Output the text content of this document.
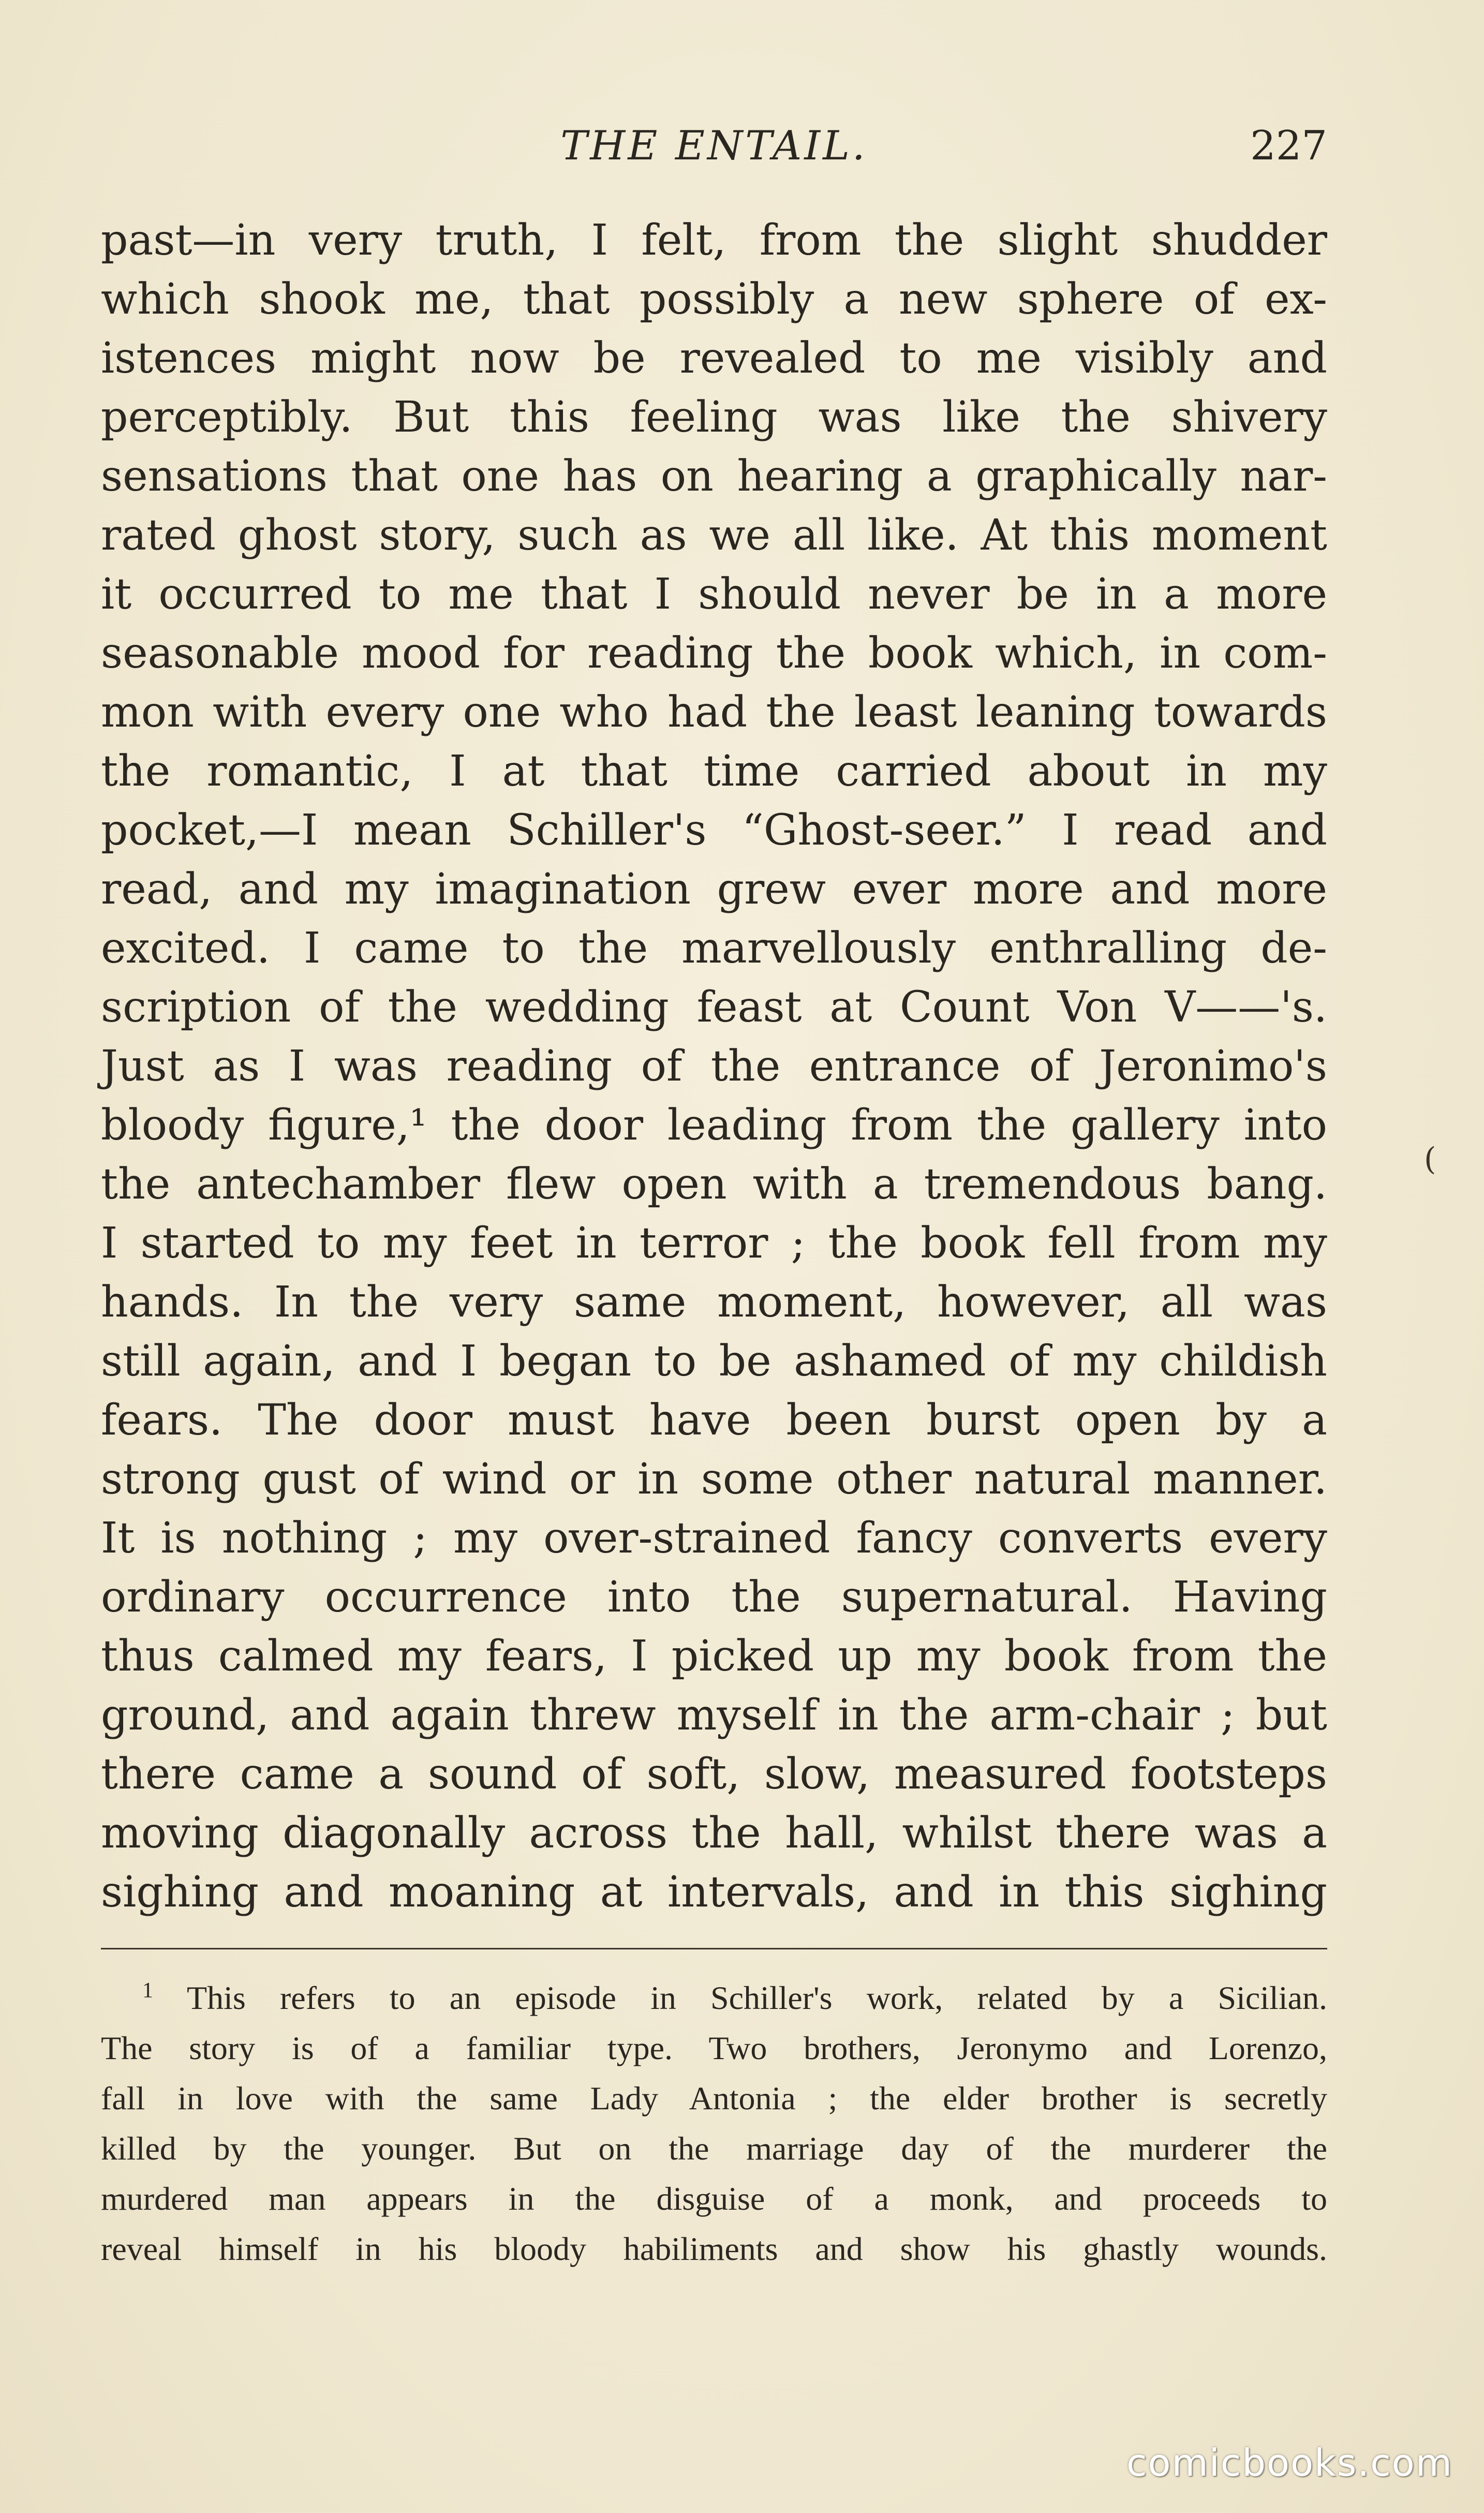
THE ENTAIL.	227
past—in very truth, I felt, from the slight shudder
which shook me, that possibly a new sphere of ex-
istences might now be revealed to me visibly and
perceptibly. But this feeling was like the shivery
sensations that one has on hearing a graphically nar-
rated ghost story, such as we all like. At this moment
it occurred to me that I should never be in a more
seasonable mood for reading the book which, in com-
mon with every one who had the least leaning towards
the romantic, I at that time carried about in my
pocket,—I mean Schiller's “Ghost-seer.” I read and
read, and my imagination grew ever more and more
excited. I came to the marvellously enthralling de-
scription of the wedding feast at Count Von V——'s.
Just as I was reading of the entrance of Jeronimo's
bloody figure,¹ the door leading from the gallery into
the antechamber flew open with a tremendous bang.
I started to my feet in terror ; the book fell from my
hands. In the very same moment, however, all was
still again, and I began to be ashamed of my childish
fears. The door must have been burst open by a
strong gust of wind or in some other natural manner.
It is nothing ; my over-strained fancy converts every
ordinary occurrence into the supernatural. Having
thus calmed my fears, I picked up my book from the
ground, and again threw myself in the arm-chair ; but
there came a sound of soft, slow, measured footsteps
moving diagonally across the hall, whilst there was a
sighing and moaning at intervals, and in this sighing
$^1$ This refers to an episode in Schiller's work, related by a Sicilian.
The story is of a familiar type. Two brothers, Jeronymo and Lorenzo,
fall in love with the same Lady Antonia ; the elder brother is secretly
killed by the younger. But on the marriage day of the murderer the
murdered man appears in the disguise of a monk, and proceeds to
reveal himself in his bloody habiliments and show his ghastly wounds.
(
comicbooks.com
